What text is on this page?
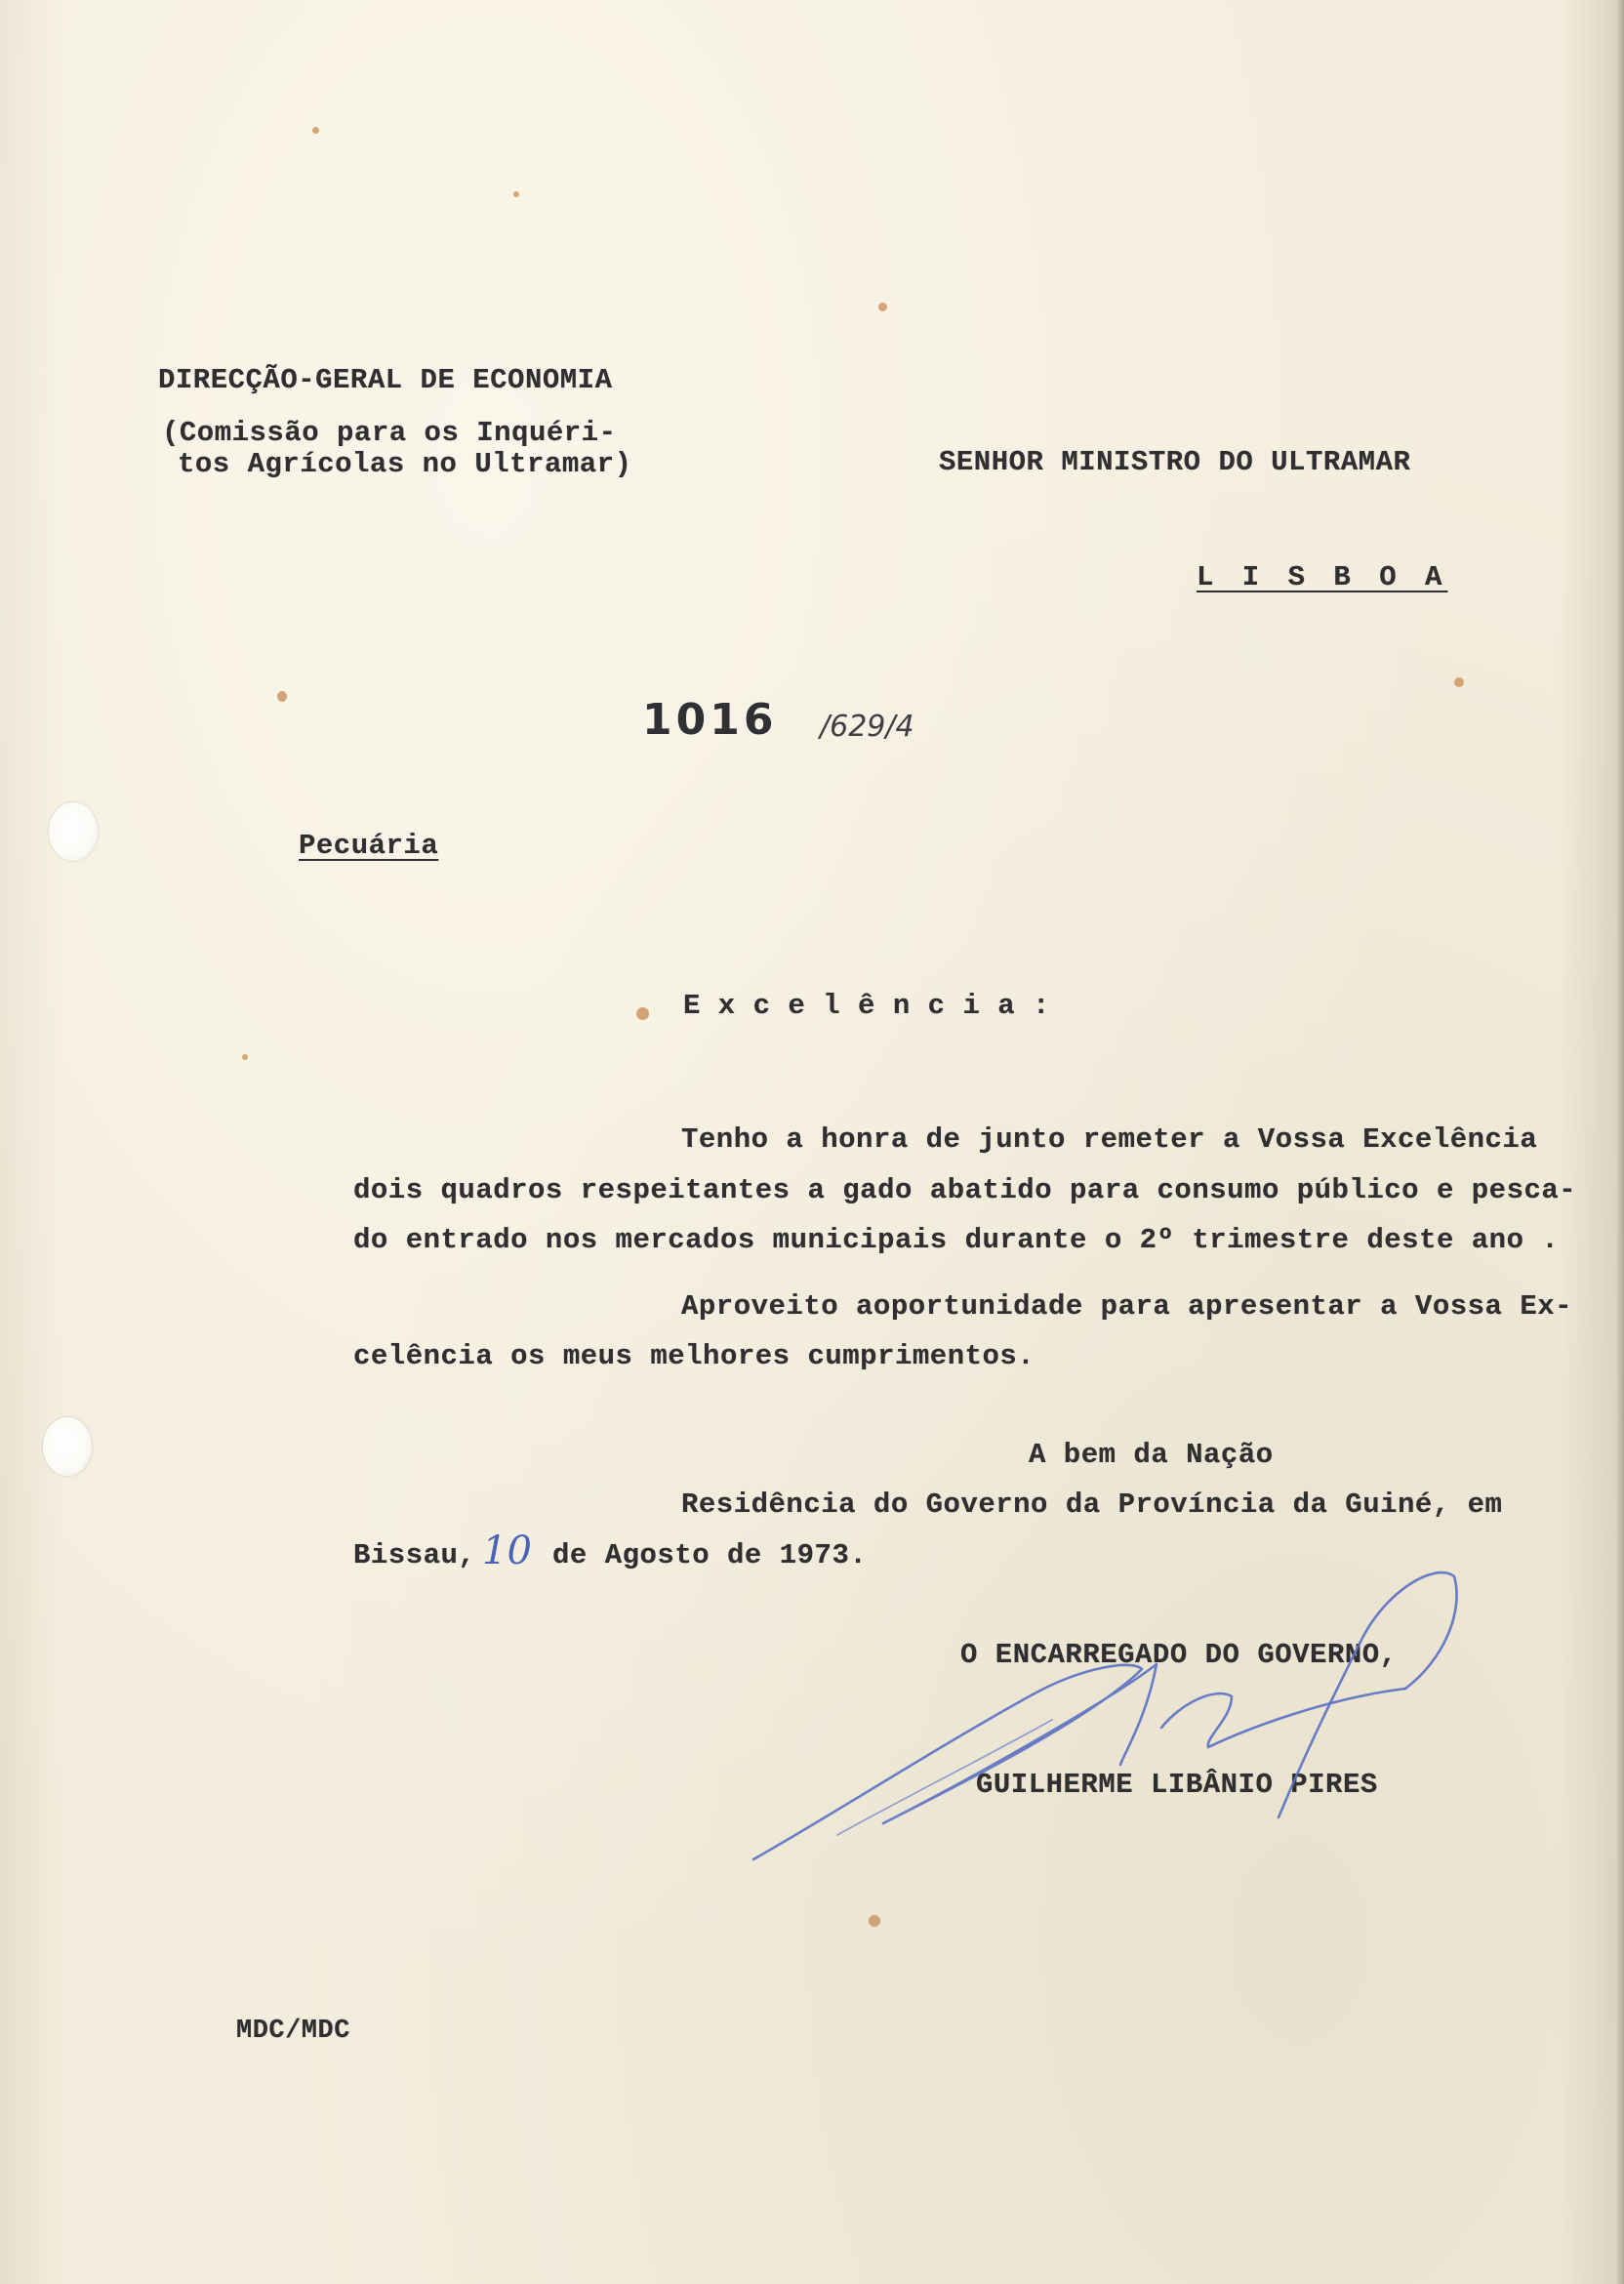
DIRECÇÃO-GERAL DE ECONOMIA
(Comissão para os Inquéri-
tos Agrícolas no Ultramar)	SENHOR MINISTRO DO ULTRAMAR
L I S B O A
1016 /629/4
Pecuária
E x c e l ê n c i a :
Tenho a honra de junto remeter a Vossa Excelência
dois quadros respeitantes a gado abatido para consumo público e pesca-
do entrado nos mercados municipais durante o 2º trimestre deste ano .
Aproveito aoportunidade para apresentar a Vossa Ex-
celência os meus melhores cumprimentos.
A bem da Nação
Residência do Governo da Província da Guiné, em
Bissau, 10 de Agosto de 1973.
O ENCARREGADO DO GOVERNO,
GUILHERME LIBÂNIO PIRES
MDC/MDC
